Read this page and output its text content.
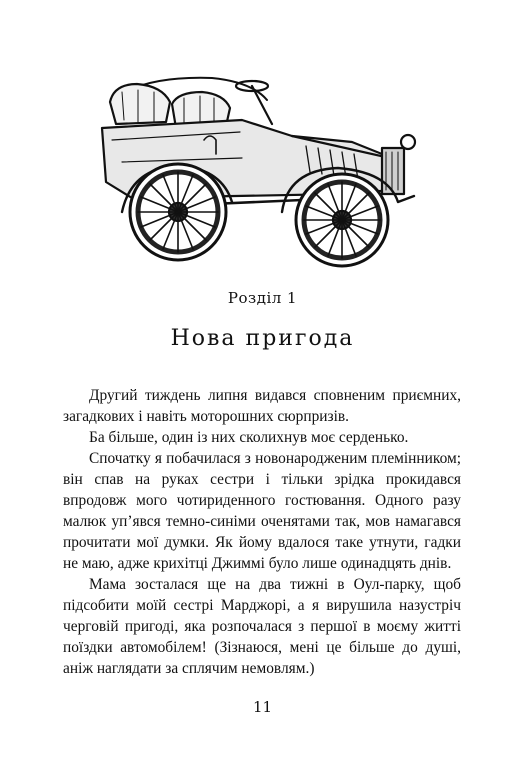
Розділ 1
Нова пригода

Другий тиждень липня видався сповненим приємних, загадкових і навіть моторошних сюрпризів.

Ба більше, один із них сколихнув моє серденько.

Спочатку я побачилася з новонародженим племінником; він спав на руках сестри і тільки зрідка прокидався впродовж мого чотириденного гостювання. Одного разу малюк уп’явся темно-синіми оченятами так, мов намагався прочитати мої думки. Як йому вдалося таке утнути, гадки не маю, адже крихітці Джиммі було лише одинадцять днів.

Мама зосталася ще на два тижні в Оул-парку, щоб підсобити моїй сестрі Марджорі, а я вирушила назустріч черговій пригоді, яка розпочалася з першої в моєму житті поїздки автомобілем! (Зізнаюся, мені це більше до душі, аніж наглядати за сплячим немовлям.)

11
